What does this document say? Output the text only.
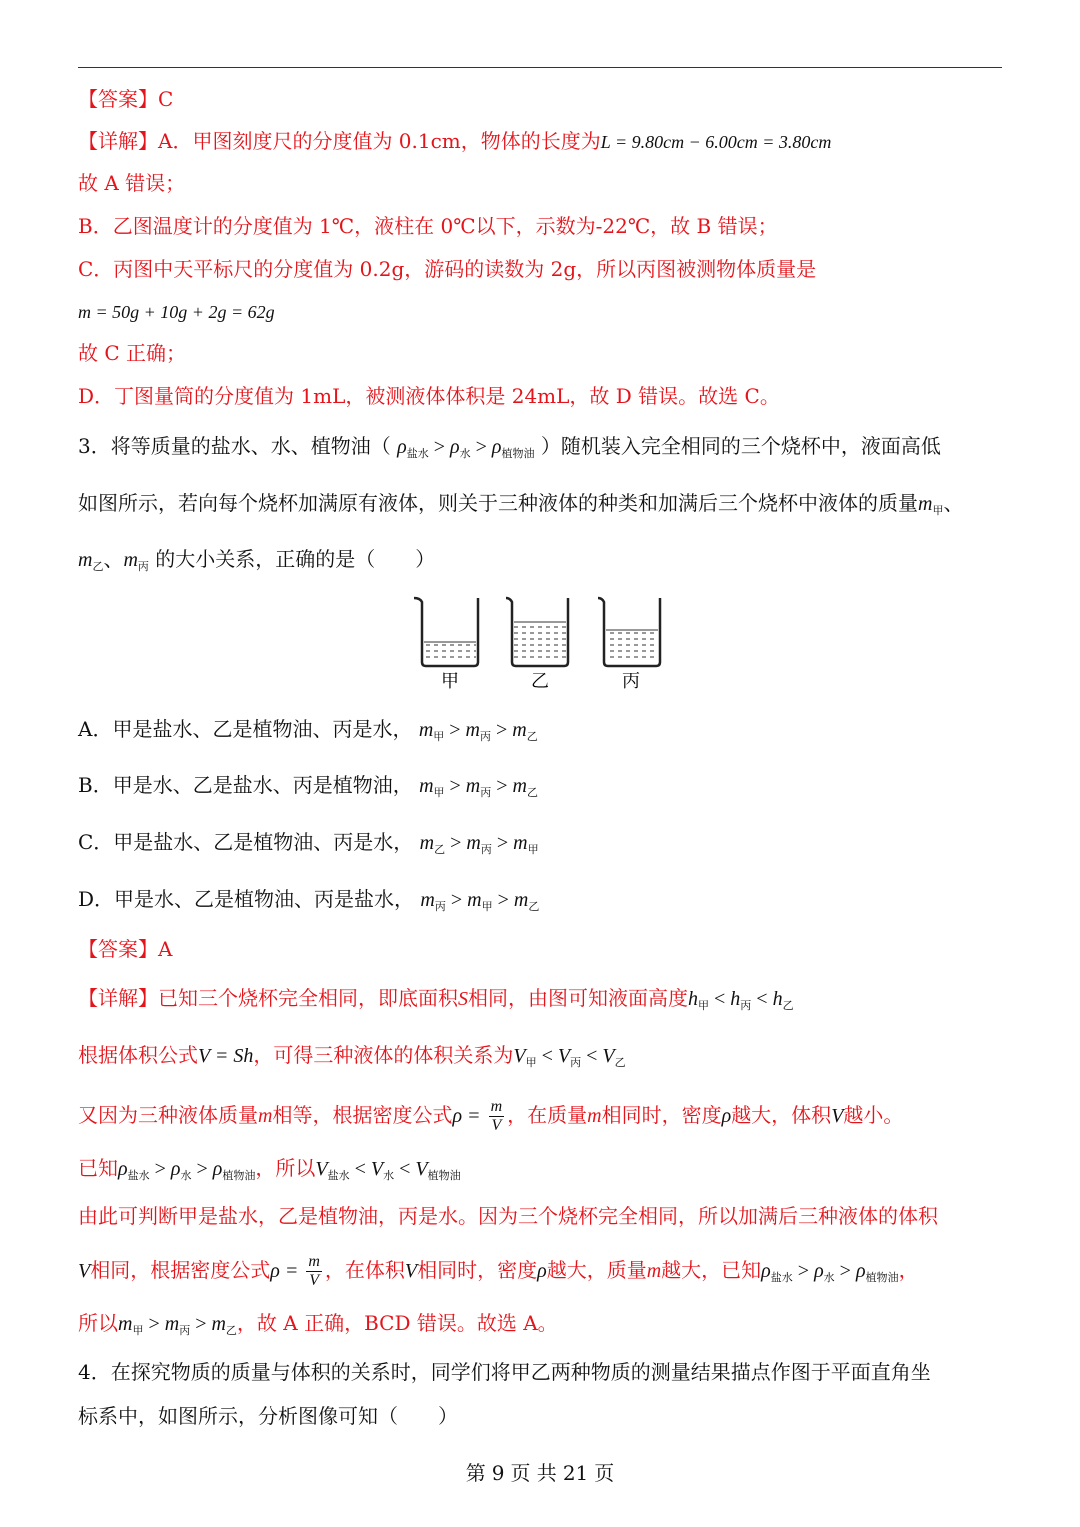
【答案】C
【详解】A．甲图刻度尺的分度值为 0.1cm，物体的长度为L = 9.80cm − 6.00cm = 3.80cm
故 A 错误；
B．乙图温度计的分度值为 1℃，液柱在 0℃以下，示数为-22℃，故 B 错误；
C．丙图中天平标尺的分度值为 0.2g，游码的读数为 2g，所以丙图被测物体质量是
m = 50g + 10g + 2g = 62g
故 C 正确；
D．丁图量筒的分度值为 1mL，被测液体体积是 24mL，故 D 错误。故选 C。
3．将等质量的盐水、水、植物油（ $\rho_{盐水} > \rho_水 > \rho_{植物油}$ ）随机装入完全相同的三个烧杯中，液面高低
如图所示，若向每个烧杯加满原有液体，则关于三种液体的种类和加满后三个烧杯中液体的质量$m_甲$、
$m_乙$、$m_丙$ 的大小关系，正确的是（　　）
甲	乙	丙
A．甲是盐水、乙是植物油、丙是水， $m_甲 > m_丙 > m_乙$
B．甲是水、乙是盐水、丙是植物油， $m_甲 > m_丙 > m_乙$
C．甲是盐水、乙是植物油、丙是水， $m_乙 > m_丙 > m_甲$
D．甲是水、乙是植物油、丙是盐水， $m_丙 > m_甲 > m_乙$
【答案】A
【详解】已知三个烧杯完全相同，即底面积S相同，由图可知液面高度$h_甲 < h_丙 < h_乙$
根据体积公式V = Sh，可得三种液体的体积关系为$V_甲 < V_丙 < V_乙$
又因为三种液体质量m相等，根据密度公式$\rho = \frac{m}{V}$ ，在质量m相同时，密度ρ越大，体积V越小。
已知$\rho_{盐水} > \rho_水 > \rho_{植物油}$，所以$V_{盐水} < V_水 < V_{植物油}$
由此可判断甲是盐水，乙是植物油，丙是水。因为三个烧杯完全相同，所以加满后三种液体的体积
V相同，根据密度公式$\rho = \frac{m}{V}$ ，在体积V相同时，密度ρ越大，质量m越大，已知$\rho_{盐水} > \rho_水 > \rho_{植物油}$，
所以$m_甲 > m_丙 > m_乙$，故 A 正确，BCD 错误。故选 A。
4．在探究物质的质量与体积的关系时，同学们将甲乙两种物质的测量结果描点作图于平面直角坐
标系中，如图所示，分析图像可知（　　）
第 9 页 共 21 页
